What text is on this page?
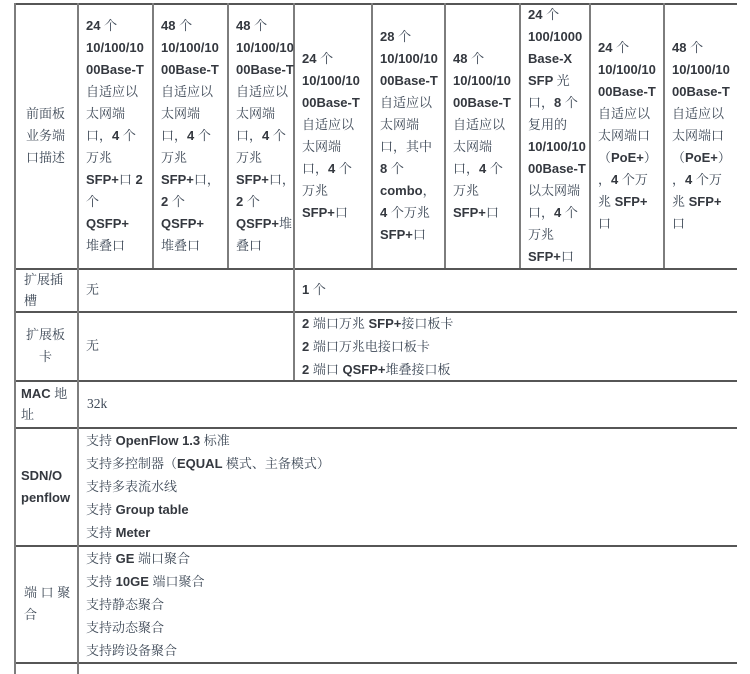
前面板
业务端
口描述
24 个
10/100/10
00Base-T
自适应以
太网端
口，4 个
万兆
SFP+口 2
个
QSFP+
堆叠口
48 个
10/100/10
00Base-T
自适应以
太网端
口，4 个
万兆
SFP+口，
2 个
QSFP+
堆叠口
48 个
10/100/10
00Base-T
自适应以
太网端
口，4 个
万兆
SFP+口，
2 个
QSFP+堆
叠口
24 个
10/100/10
00Base-T
自适应以
太网端
口，4 个
万兆
SFP+口
28 个
10/100/10
00Base-T
自适应以
太网端
口，其中
8 个
combo，
4 个万兆
SFP+口
48 个
10/100/10
00Base-T
自适应以
太网端
口，4 个
万兆
SFP+口
24 个
100/1000
Base-X
SFP 光
口，8 个
复用的
10/100/10
00Base-T
以太网端
口，4 个
万兆
SFP+口
24 个
10/100/10
00Base-T
自适应以
太网端口
（PoE+）
，4 个万
兆 SFP+
口
48 个
10/100/10
00Base-T
自适应以
太网端口
（PoE+）
，4 个万
兆 SFP+
口
扩展插
槽
无	1 个
扩展板
卡
无
2 端口万兆 SFP+接口板卡
2 端口万兆电接口板卡
2 端口 QSFP+堆叠接口板
MAC 地
址
32k
SDN/O
penflow
支持 OpenFlow 1.3 标准
支持多控制器（EQUAL 模式、主备模式）
支持多表流水线
支持 Group table
支持 Meter
端 口 聚
合
支持 GE 端口聚合
支持 10GE 端口聚合
支持静态聚合
支持动态聚合
支持跨设备聚合
